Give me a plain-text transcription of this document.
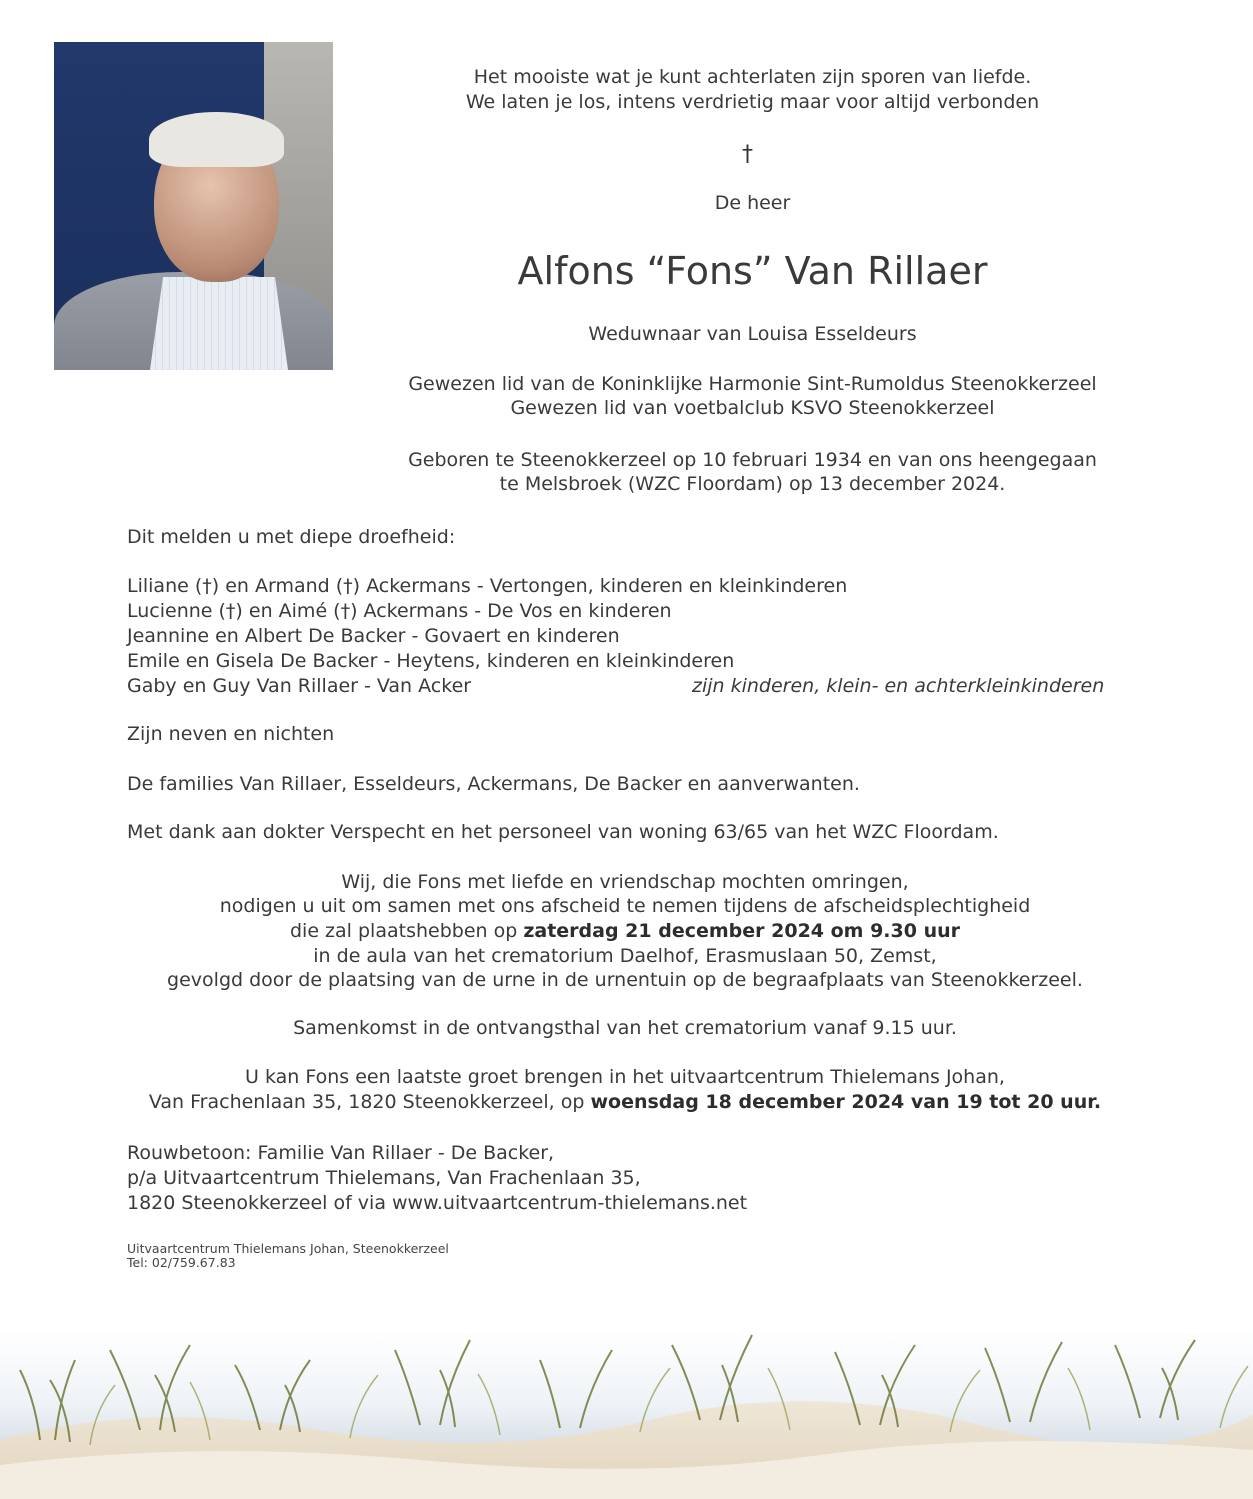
Het mooiste wat je kunt achterlaten zijn sporen van liefde.
We laten je los, intens verdrietig maar voor altijd verbonden
†
De heer
Alfons “Fons” Van Rillaer
Weduwnaar van Louisa Esseldeurs
Gewezen lid van de Koninklijke Harmonie Sint-Rumoldus Steenokkerzeel
Gewezen lid van voetbalclub KSVO Steenokkerzeel
Geboren te Steenokkerzeel op 10 februari 1934 en van ons heengegaan
te Melsbroek (WZC Floordam) op 13 december 2024.
Dit melden u met diepe droefheid:
Liliane (†) en Armand (†) Ackermans - Vertongen, kinderen en kleinkinderen
Lucienne (†) en Aimé (†) Ackermans - De Vos en kinderen
Jeannine en Albert De Backer - Govaert en kinderen
Emile en Gisela De Backer - Heytens, kinderen en kleinkinderen
Gaby en Guy Van Rillaer - Van Acker	zijn kinderen, klein- en achterkleinkinderen
Zijn neven en nichten
De families Van Rillaer, Esseldeurs, Ackermans, De Backer en aanverwanten.
Met dank aan dokter Verspecht en het personeel van woning 63/65 van het WZC Floordam.
Wij, die Fons met liefde en vriendschap mochten omringen,
nodigen u uit om samen met ons afscheid te nemen tijdens de afscheidsplechtigheid
die zal plaatshebben op zaterdag 21 december 2024 om 9.30 uur
in de aula van het crematorium Daelhof, Erasmuslaan 50, Zemst,
gevolgd door de plaatsing van de urne in de urnentuin op de begraafplaats van Steenokkerzeel.
Samenkomst in de ontvangsthal van het crematorium vanaf 9.15 uur.
U kan Fons een laatste groet brengen in het uitvaartcentrum Thielemans Johan,
Van Frachenlaan 35, 1820 Steenokkerzeel, op woensdag 18 december 2024 van 19 tot 20 uur.
Rouwbetoon: Familie Van Rillaer - De Backer,
p/a Uitvaartcentrum Thielemans, Van Frachenlaan 35,
1820 Steenokkerzeel of via www.uitvaartcentrum-thielemans.net
Uitvaartcentrum Thielemans Johan, Steenokkerzeel
Tel: 02/759.67.83
